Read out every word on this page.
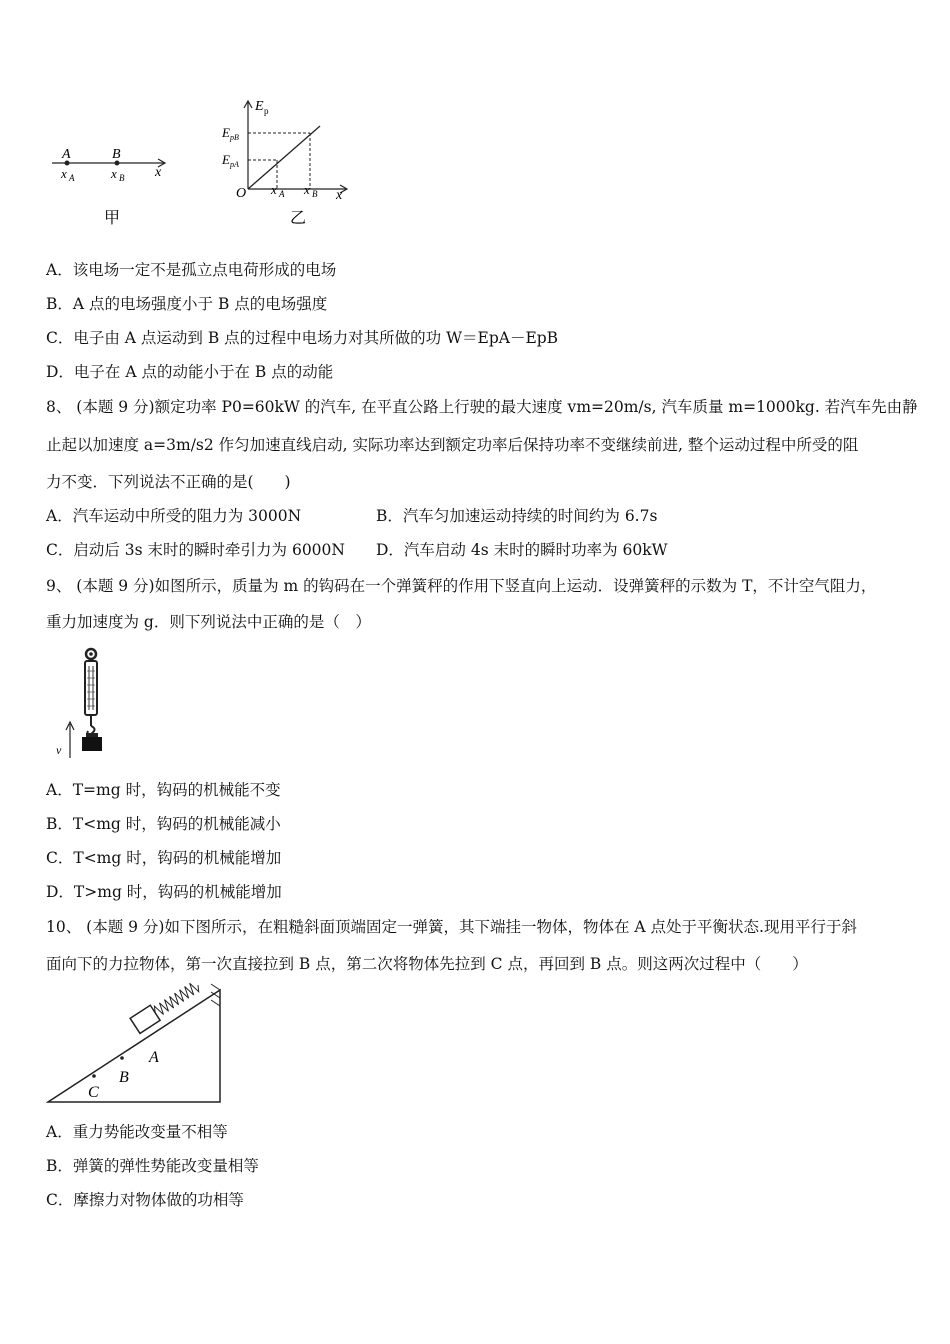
A	B
x A	x B x
甲
E p
E pB
E pA
O x A x B x
乙
A．该电场一定不是孤立点电荷形成的电场
B．A 点的电场强度小于 B 点的电场强度
C．电子由 A 点运动到 B 点的过程中电场力对其所做的功 W＝EpA－EpB
D．电子在 A 点的动能小于在 B 点的动能
8、 (本题 9 分)额定功率 P0=60kW 的汽车, 在平直公路上行驶的最大速度 vm=20m/s, 汽车质量 m=1000kg. 若汽车先由静
止起以加速度 a=3m/s2 作匀加速直线启动, 实际功率达到额定功率后保持功率不变继续前进, 整个运动过程中所受的阻
力不变．下列说法不正确的是(　　)
A．汽车运动中所受的阻力为 3000N	B．汽车匀加速运动持续的时间约为 6.7s
C．启动后 3s 末时的瞬时牵引力为 6000N D．汽车启动 4s 末时的瞬时功率为 60kW
9、 (本题 9 分)如图所示，质量为 m 的钩码在一个弹簧秤的作用下竖直向上运动．设弹簧秤的示数为 T，不计空气阻力，
重力加速度为 g．则下列说法中正确的是（　）
v
A．T=mg 时，钩码的机械能不变
B．T<mg 时，钩码的机械能减小
C．T<mg 时，钩码的机械能增加
D．T>mg 时，钩码的机械能增加
10、 (本题 9 分)如下图所示，在粗糙斜面顶端固定一弹簧，其下端挂一物体，物体在 A 点处于平衡状态.现用平行于斜
面向下的力拉物体，第一次直接拉到 B 点，第二次将物体先拉到 C 点，再回到 B 点。则这两次过程中（　　）
C
B
A
A．重力势能改变量不相等
B．弹簧的弹性势能改变量相等
C．摩擦力对物体做的功相等
